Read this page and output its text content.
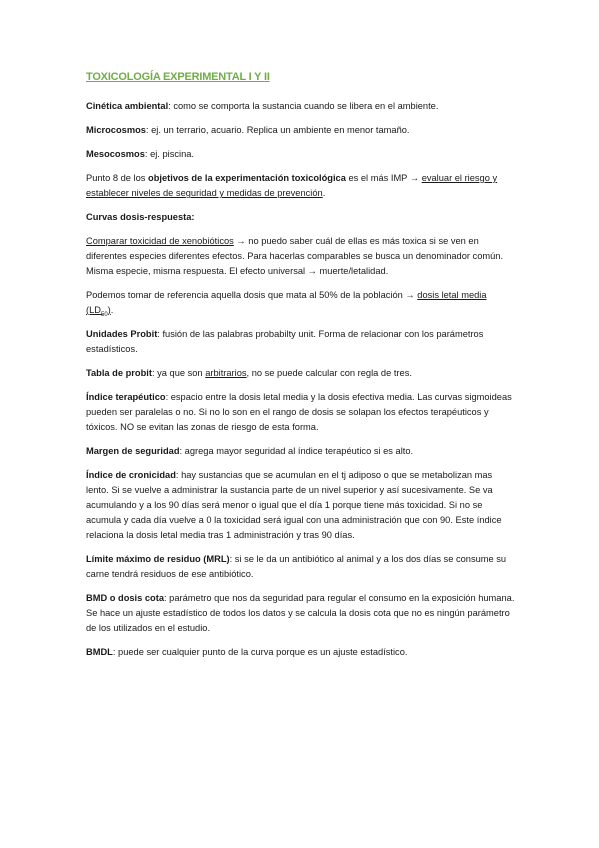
TOXICOLOGÍA EXPERIMENTAL I Y II
Cinética ambiental: como se comporta la sustancia cuando se libera en el ambiente.
Microcosmos: ej. un terrario, acuario. Replica un ambiente en menor tamaño.
Mesocosmos: ej. piscina.
Punto 8 de los objetivos de la experimentación toxicológica es el más IMP → evaluar el riesgo y establecer niveles de seguridad y medidas de prevención.
Curvas dosis-respuesta:
Comparar toxicidad de xenobióticos → no puedo saber cuál de ellas es más toxica si se ven en diferentes especies diferentes efectos. Para hacerlas comparables se busca un denominador común. Misma especie, misma respuesta. El efecto universal → muerte/letalidad.
Podemos tomar de referencia aquella dosis que mata al 50% de la población → dosis letal media $(LD_{50})$.
Unidades Probit: fusión de las palabras probabilty unit. Forma de relacionar con los parámetros estadísticos.
Tabla de probit: ya que son arbitrarios, no se puede calcular con regla de tres.
Índice terapéutico: espacio entre la dosis letal media y la dosis efectiva media. Las curvas sigmoideas pueden ser paralelas o no. Si no lo son en el rango de dosis se solapan los efectos terapéuticos y tóxicos. NO se evitan las zonas de riesgo de esta forma.
Margen de seguridad: agrega mayor seguridad al índice terapéutico si es alto.
Índice de cronicidad: hay sustancias que se acumulan en el tj adiposo o que se metabolizan mas lento. Si se vuelve a administrar la sustancia parte de un nivel superior y así sucesivamente. Se va acumulando y a los 90 días será menor o igual que el día 1 porque tiene más toxicidad. Si no se acumula y cada día vuelve a 0 la toxicidad será igual con una administración que con 90. Este índice relaciona la dosis letal media tras 1 administración y tras 90 días.
Límite máximo de residuo (MRL): si se le da un antibiótico al animal y a los dos días se consume su carne tendrá residuos de ese antibiótico.
BMD o dosis cota: parámetro que nos da seguridad para regular el consumo en la exposición humana. Se hace un ajuste estadístico de todos los datos y se calcula la dosis cota que no es ningún parámetro de los utilizados en el estudio.
BMDL: puede ser cualquier punto de la curva porque es un ajuste estadístico.
